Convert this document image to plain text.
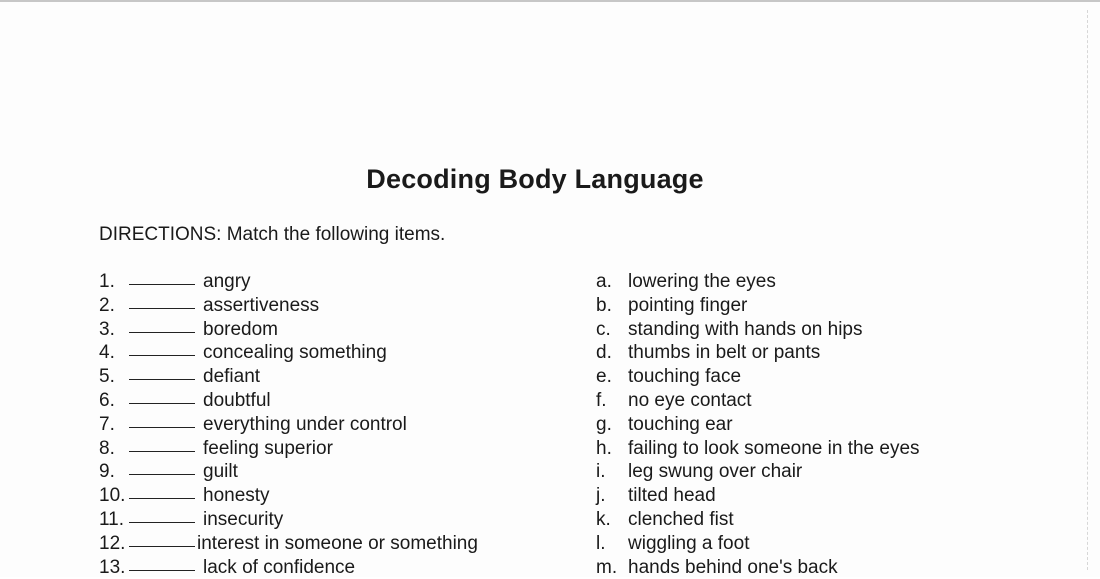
Decoding Body Language
DIRECTIONS: Match the following items.
1.	angry
2.	assertiveness
3.	boredom
4.	concealing something
5.	defiant
6.	doubtful
7.	everything under control
8.	feeling superior
9.	guilt
10.	honesty
11.	insecurity
12.	interest in someone or something
13.	lack of confidence
a. lowering the eyes
b. pointing finger
c. standing with hands on hips
d. thumbs in belt or pants
e. touching face
f.	no eye contact
g. touching ear
h. failing to look someone in the eyes
i.	leg swung over chair
j.	tilted head
k. clenched fist
l.	wiggling a foot
m. hands behind one's back
